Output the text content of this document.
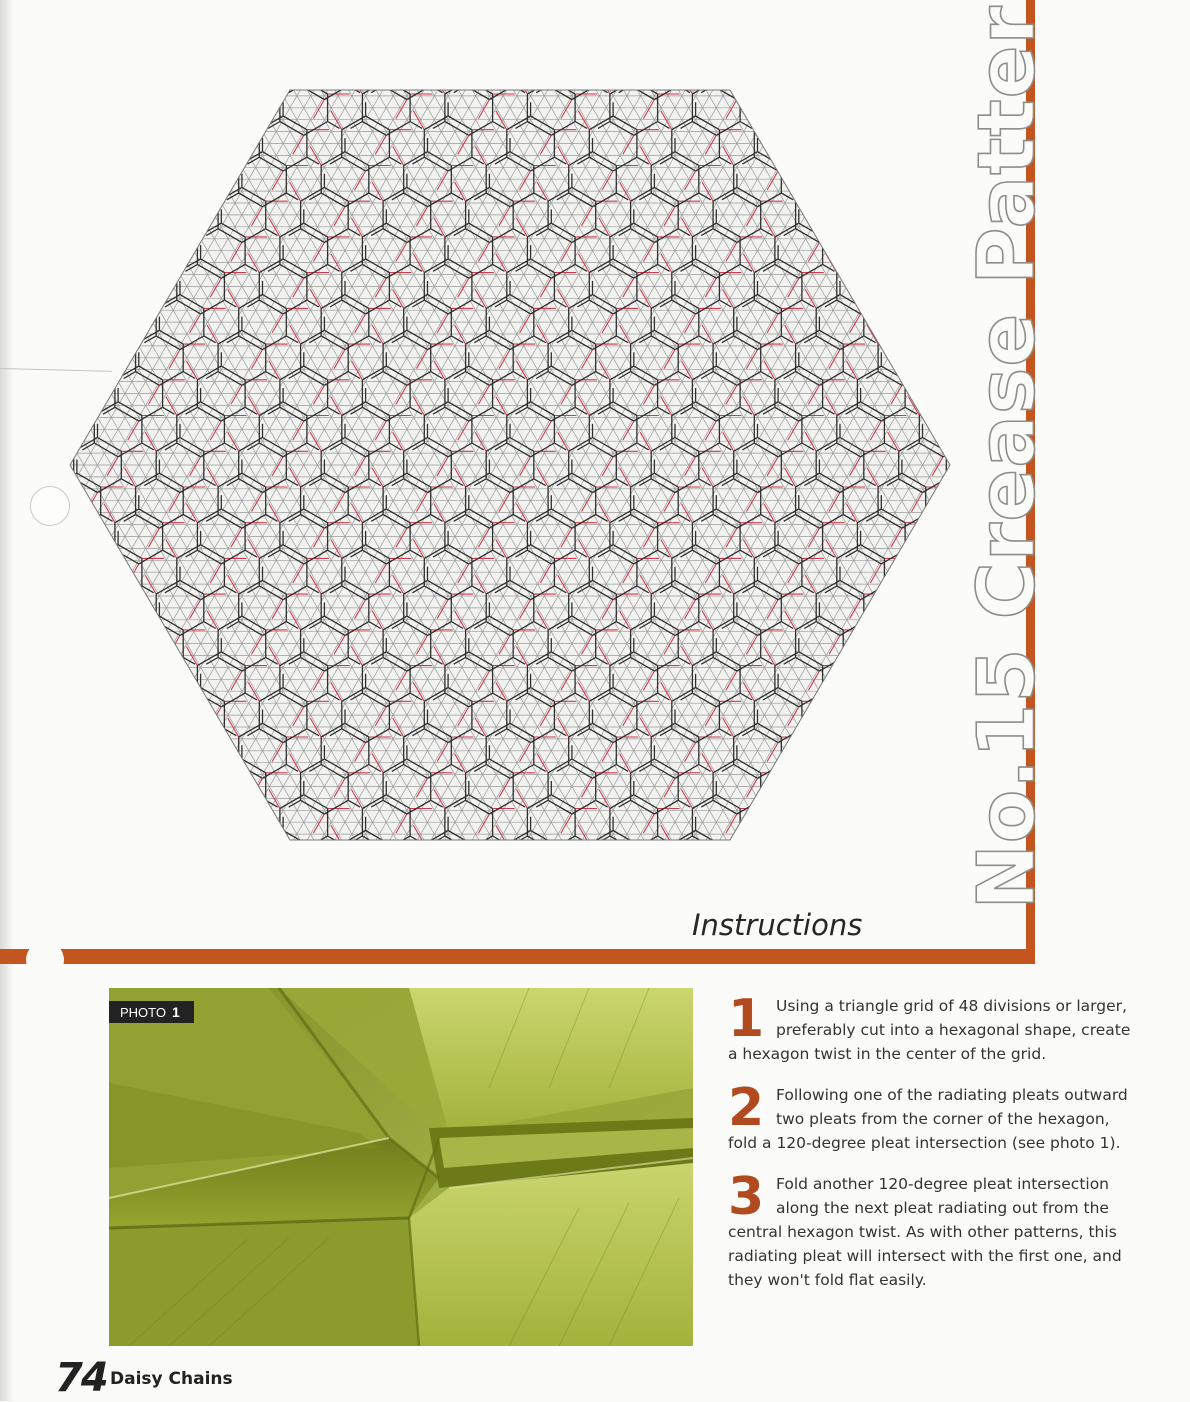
No.15 Crease Pattern
Instructions
PHOTO 1	1 Using a triangle grid of 48 divisions or larger, preferably cut into a hexagonal shape, create a hexagon twist in the center of the grid.
2 Following one of the radiating pleats outward two pleats from the corner of the hexagon, fold a 120-degree pleat intersection (see photo 1).
3 Fold another 120-degree pleat intersection along the next pleat radiating out from the central hexagon twist. As with other patterns, this radiating pleat will intersect with the first one, and they won't fold flat easily.
74 Daisy Chains
